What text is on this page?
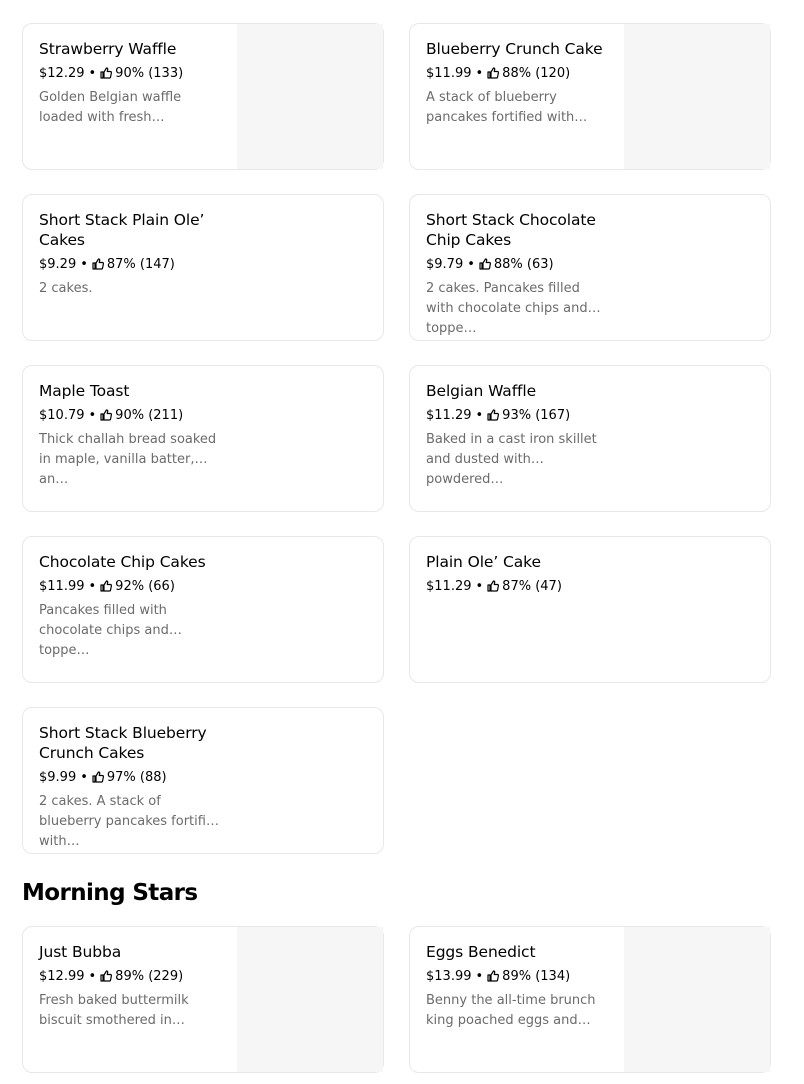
Strawberry Waffle
$12.29 • 90% (133)
Golden Belgian waffle loaded with fresh…
Blueberry Crunch Cake
$11.99 • 88% (120)
A stack of blueberry pancakes fortified with…
Short Stack Plain Ole’ Cakes
$9.29 • 87% (147)
2 cakes.
Short Stack Chocolate Chip Cakes
$9.79 • 88% (63)
2 cakes. Pancakes filled with chocolate chips and toppe…
Maple Toast
$10.79 • 90% (211)
Thick challah bread soaked in maple, vanilla batter, an…
Belgian Waffle
$11.29 • 93% (167)
Baked in a cast iron skillet and dusted with powdered…
Chocolate Chip Cakes
$11.99 • 92% (66)
Pancakes filled with chocolate chips and toppe…
Plain Ole’ Cake
$11.29 • 87% (47)
Short Stack Blueberry Crunch Cakes
$9.99 • 97% (88)
2 cakes. A stack of blueberry pancakes fortified with…
Morning Stars
Just Bubba
$12.99 • 89% (229)
Fresh baked buttermilk biscuit smothered in…
Eggs Benedict
$13.99 • 89% (134)
Benny the all-time brunch king poached eggs and…
